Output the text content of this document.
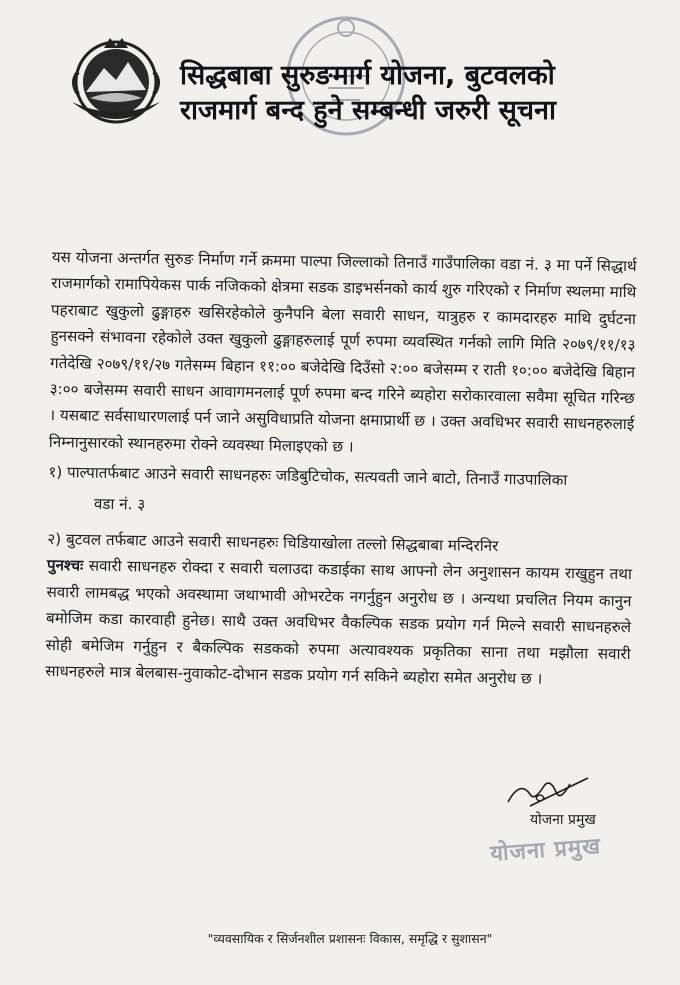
सिद्धबाबा सुरुङमार्ग योजना, बुटवलको
राजमार्ग बन्द हुने सम्बन्धी जरुरी सूचना

यस योजना अन्तर्गत सुरुङ निर्माण गर्ने क्रममा पाल्पा जिल्लाको तिनाउँ गाउँपालिका वडा नं. ३ मा पर्ने सिद्धार्थ राजमार्गको रामापियेकस पार्क नजिकको क्षेत्रमा सडक डाइभर्सनको कार्य शुरु गरिएको र निर्माण स्थलमा माथि पहराबाट खुकुलो ढुङ्गाहरु खसिरहेकोले कुनैपनि बेला सवारी साधन, यात्रुहरु र कामदारहरु माथि दुर्घटना हुनसक्ने संभावना रहेकोले उक्त खुकुलो ढुङ्गाहरुलाई पूर्ण रुपमा व्यवस्थित गर्नको लागि मिति २०७९/११/१३ गतेदेखि २०७९/११/२७ गतेसम्म बिहान ११:०० बजेदेखि दिउँसो २:०० बजेसम्म र राती १०:०० बजेदेखि बिहान ३:०० बजेसम्म सवारी साधन आवागमनलाई पूर्ण रुपमा बन्द गरिने ब्यहोरा सरोकारवाला सवैमा सूचित गरिन्छ । यसबाट सर्वसाधारणलाई पर्न जाने असुविधाप्रति योजना क्षमाप्रार्थी छ । उक्त अवधिभर सवारी साधनहरुलाई निम्नानुसारको स्थानहरुमा रोक्ने व्यवस्था मिलाइएको छ ।

१) पाल्पातर्फबाट आउने सवारी साधनहरुः जडिबुटिचोक, सत्यवती जाने बाटो, तिनाउँ गाउपालिका
वडा नं. ३

२) बुटवल तर्फबाट आउने सवारी साधनहरुः चिडियाखोला तल्लो सिद्धबाबा मन्दिरनिर

पुनश्चः सवारी साधनहरु रोक्दा र सवारी चलाउदा कडाईका साथ आफ्नो लेन अनुशासन कायम राखुहुन तथा सवारी लामबद्ध भएको अवस्थामा जथाभावी ओभरटेक नगर्नुहुन अनुरोध छ । अन्यथा प्रचलित नियम कानुन बमोजिम कडा कारवाही हुनेछ। साथै उक्त अवधिभर वैकल्पिक सडक प्रयोग गर्न मिल्ने सवारी साधनहरुले सोही बमेजिम गर्नुहुन र बैकल्पिक सडकको रुपमा अत्यावश्यक प्रकृतिका साना तथा मझौला सवारी साधनहरुले मात्र बेलबास-नुवाकोट-दोभान सडक प्रयोग गर्न सकिने ब्यहोरा समेत अनुरोध छ ।

योजना प्रमुख
योजना प्रमुख
"व्यवसायिक र सिर्जनशील प्रशासनः विकास, समृद्धि र सुशासन"
